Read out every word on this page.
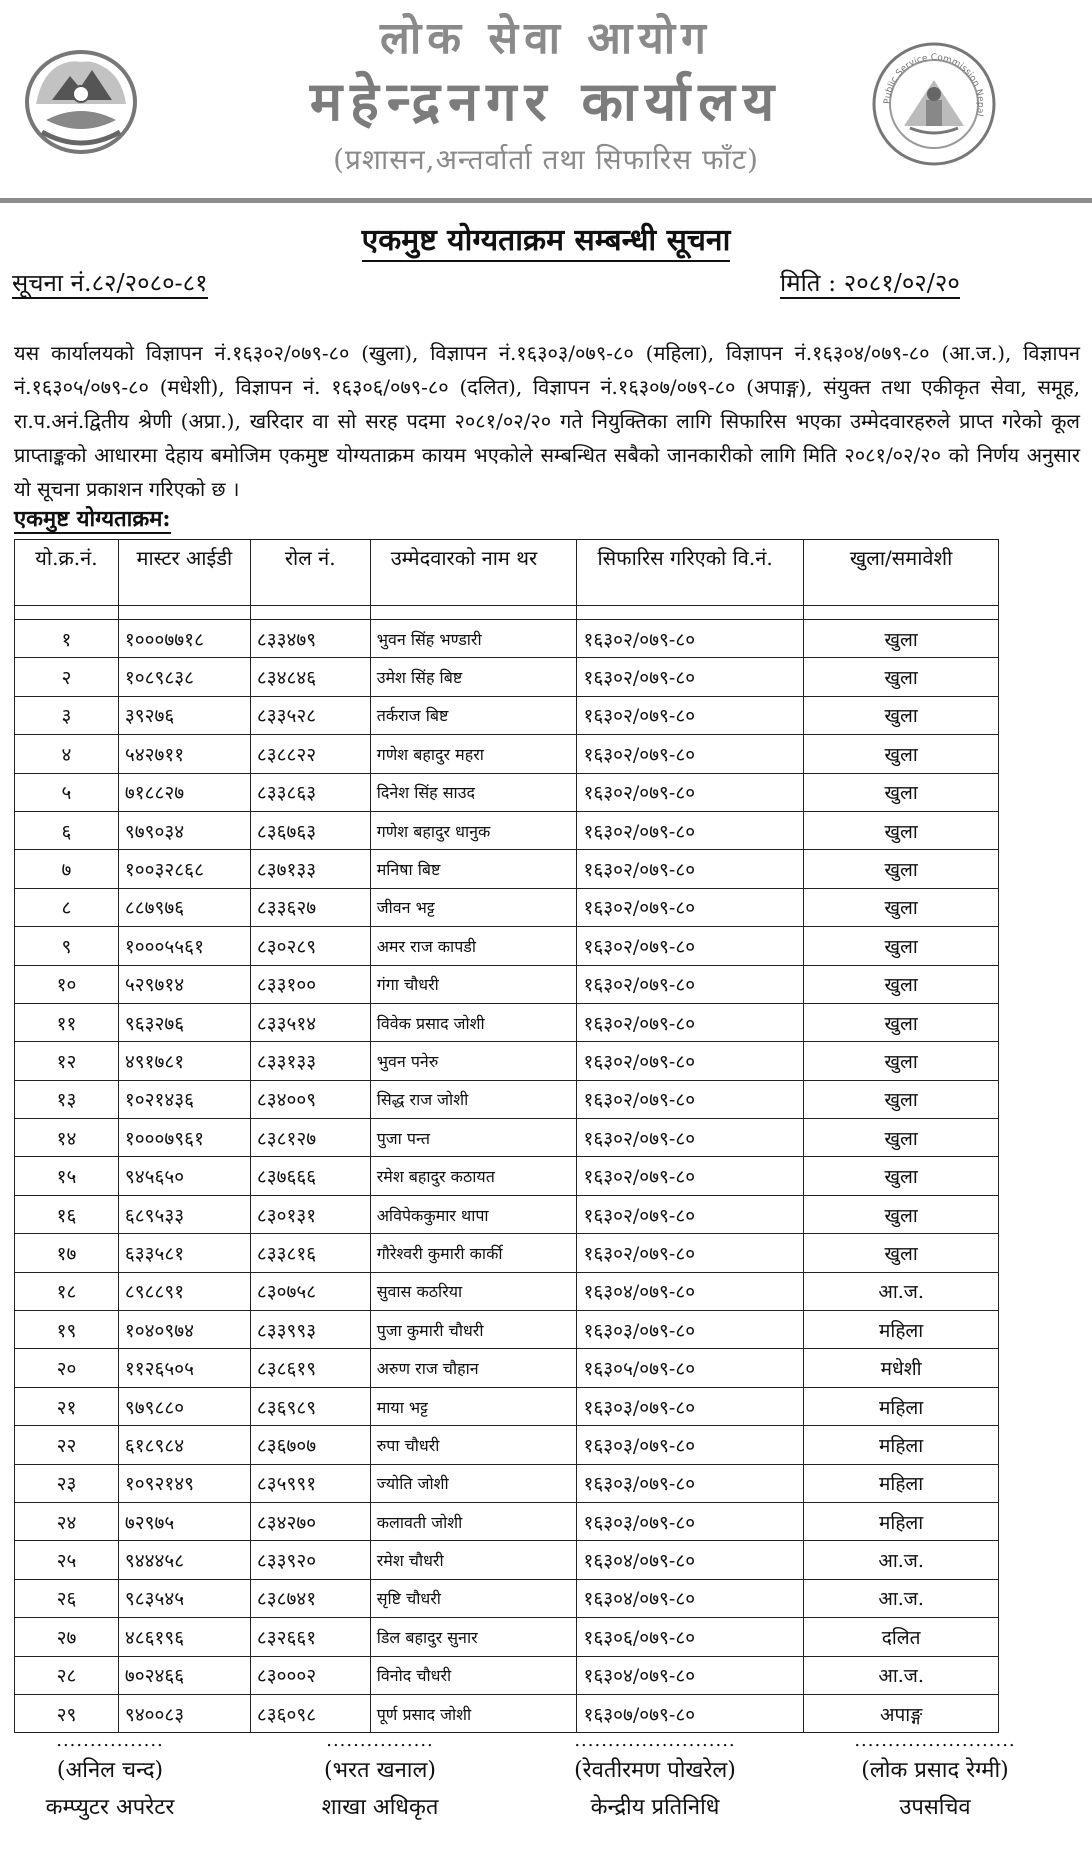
लोक सेवा आयोग
महेन्द्रनगर कार्यालय
(प्रशासन,अन्तर्वार्ता तथा सिफारिस फाँट)
Public Service Commission Nepal
एकमुष्ट योग्यताक्रम सम्बन्धी सूचना
सूचना नं.८२/२०८०-८१	मिति : २०८१/०२/२०

यस कार्यालयको विज्ञापन नं.१६३०२/०७९-८० (खुला), विज्ञापन नं.१६३०३/०७९-८० (महिला), विज्ञापन नं.१६३०४/०७९-८० (आ.ज.), विज्ञापन नं.१६३०५/०७९-८० (मधेशी), विज्ञापन नं. १६३०६/०७९-८० (दलित), विज्ञापन नं.१६३०७/०७९-८० (अपाङ्ग), संयुक्त तथा एकीकृत सेवा, समूह, रा.प.अनं.द्वितीय श्रेणी (अप्रा.), खरिदार वा सो सरह पदमा २०८१/०२/२० गते नियुक्तिका लागि सिफारिस भएका उम्मेदवारहरुले प्राप्त गरेको कूल प्राप्ताङ्कको आधारमा देहाय बमोजिम एकमुष्ट योग्यताक्रम कायम भएकोले सम्बन्धित सबैको जानकारीको लागि मिति २०८१/०२/२० को निर्णय अनुसार यो सूचना प्रकाशन गरिएको छ ।

एकमुष्ट योग्यताक्रम:
यो.क्र.नं.	मास्टर आईडी	रोल नं.	उम्मेदवारको नाम थर	सिफारिस गरिएको वि.नं.	खुला/समावेशी

१	१०००७७१८	८३३४७९	भुवन सिंह भण्डारी	१६३०२/०७९-८०	खुला
२	१०८९८३८	८३४८४६	उमेश सिंह बिष्ट	१६३०२/०७९-८०	खुला
३	३९२७६	८३३५२८	तर्कराज बिष्ट	१६३०२/०७९-८०	खुला
४	५४२७११	८३८८२२	गणेश बहादुर महरा	१६३०२/०७९-८०	खुला
५	७१८८२७	८३३८६३	दिनेश सिंह साउद	१६३०२/०७९-८०	खुला
६	९७९०३४	८३६७६३	गणेश बहादुर धानुक	१६३०२/०७९-८०	खुला
७	१००३२८६८	८३७१३३	मनिषा बिष्ट	१६३०२/०७९-८०	खुला
८	८८७९७६	८३३६२७	जीवन भट्ट	१६३०२/०७९-८०	खुला
९	१०००५५६१	८३०२८९	अमर राज कापडी	१६३०२/०७९-८०	खुला
१०	५२९७१४	८३३१००	गंगा चौधरी	१६३०२/०७९-८०	खुला
११	९६३२७६	८३३५१४	विवेक प्रसाद जोशी	१६३०२/०७९-८०	खुला
१२	४९१७८१	८३३१३३	भुवन पनेरु	१६३०२/०७९-८०	खुला
१३	१०२१४३६	८३४००९	सिद्ध राज जोशी	१६३०२/०७९-८०	खुला
१४	१०००७९६१	८३८१२७	पुजा पन्त	१६३०२/०७९-८०	खुला
१५	९४५६५०	८३७६६६	रमेश बहादुर कठायत	१६३०२/०७९-८०	खुला
१६	६८९५३३	८३०१३१	अविपेककुमार थापा	१६३०२/०७९-८०	खुला
१७	६३३५८१	८३३८१६	गौरेश्वरी कुमारी कार्की	१६३०२/०७९-८०	खुला
१८	८९८८९१	८३०७५८	सुवास कठरिया	१६३०४/०७९-८०	आ.ज.
१९	१०४०९७४	८३३९९३	पुजा कुमारी चौधरी	१६३०३/०७९-८०	महिला
२०	११२६५०५	८३८६१९	अरुण राज चौहान	१६३०५/०७९-८०	मधेशी
२१	९७९८८०	८३६९८९	माया भट्ट	१६३०३/०७९-८०	महिला
२२	६१८९८४	८३६७०७	रुपा चौधरी	१६३०३/०७९-८०	महिला
२३	१०९२१४९	८३५९९१	ज्योति जोशी	१६३०३/०७९-८०	महिला
२४	७२९७५	८३४२७०	कलावती जोशी	१६३०३/०७९-८०	महिला
२५	९४४४५८	८३३९२०	रमेश चौधरी	१६३०४/०७९-८०	आ.ज.
२६	९८३५४५	८३८७४१	सृष्टि चौधरी	१६३०४/०७९-८०	आ.ज.
२७	४८६१९६	८३२६६१	डिल बहादुर सुनार	१६३०६/०७९-८०	दलित
२८	७०२४६६	८३०००२	विनोद चौधरी	१६३०४/०७९-८०	आ.ज.
२९	९४००८३	८३६०९८	पूर्ण प्रसाद जोशी	१६३०७/०७९-८०	अपाङ्ग
................
(अनिल चन्द)
कम्प्युटर अपरेटर
................
(भरत खनाल)
शाखा अधिकृत
........................
(रेवतीरमण पोखरेल)
केन्द्रीय प्रतिनिधि
........................
(लोक प्रसाद रेग्मी)
उपसचिव
